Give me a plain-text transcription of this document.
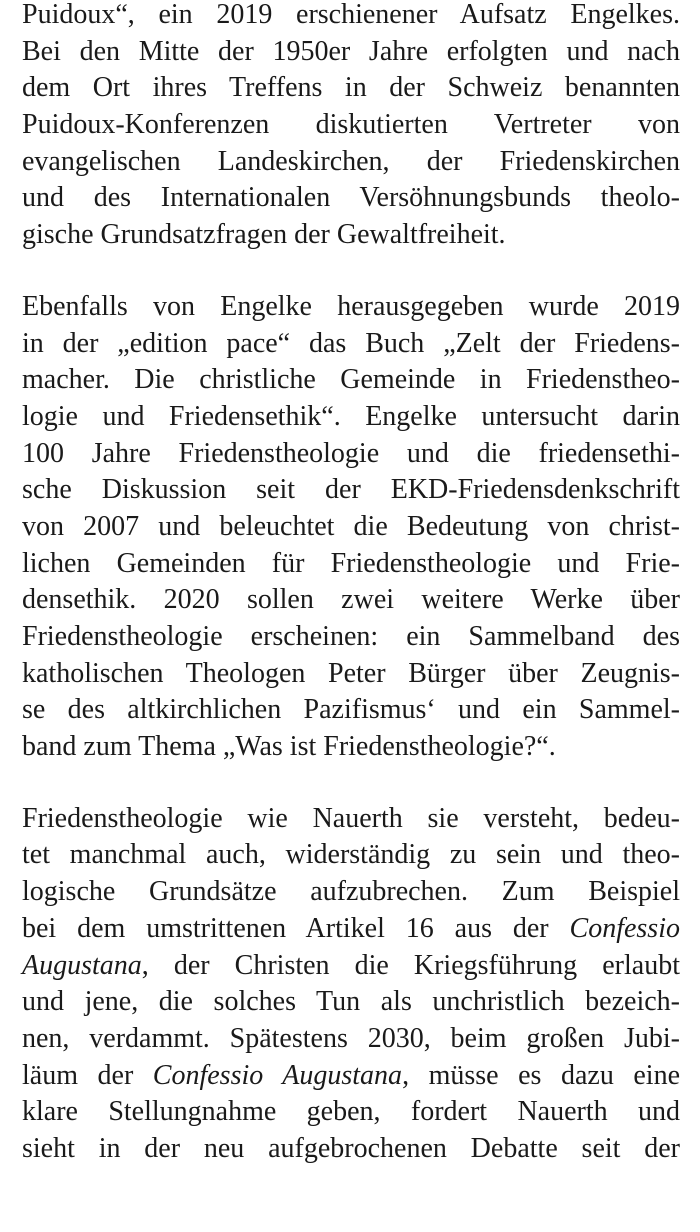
Puidoux“, ein 2019 erschienener Aufsatz Engelkes.
Bei den Mitte der 1950er Jahre erfolgten und nach
dem Ort ihres Treffens in der Schweiz benannten
Puidoux-Konferenzen diskutierten Vertreter von
evangelischen Landeskirchen, der Friedenskirchen
und des Internationalen Versöhnungsbunds theolo-
gische Grundsatzfragen der Gewaltfreiheit.
Ebenfalls von Engelke herausgegeben wurde 2019
in der „edition pace“ das Buch „Zelt der Friedens-
macher. Die christliche Gemeinde in Friedenstheo-
logie und Friedensethik“. Engelke untersucht darin
100 Jahre Friedenstheologie und die friedensethi-
sche Diskussion seit der EKD-Friedensdenkschrift
von 2007 und beleuchtet die Bedeutung von christ-
lichen Gemeinden für Friedenstheologie und Frie-
densethik. 2020 sollen zwei weitere Werke über
Friedenstheologie erscheinen: ein Sammelband des
katholischen Theologen Peter Bürger über Zeugnis-
se des altkirchlichen Pazifismus‘ und ein Sammel-
band zum Thema „Was ist Friedenstheologie?“.
Friedenstheologie wie Nauerth sie versteht, bedeu-
tet manchmal auch, widerständig zu sein und theo-
logische Grundsätze aufzubrechen. Zum Beispiel
bei dem umstrittenen Artikel 16 aus der Confessio
Augustana, der Christen die Kriegsführung erlaubt
und jene, die solches Tun als unchristlich bezeich-
nen, verdammt. Spätestens 2030, beim großen Jubi-
läum der Confessio Augustana, müsse es dazu eine
klare Stellungnahme geben, fordert Nauerth und
sieht in der neu aufgebrochenen Debatte seit der
